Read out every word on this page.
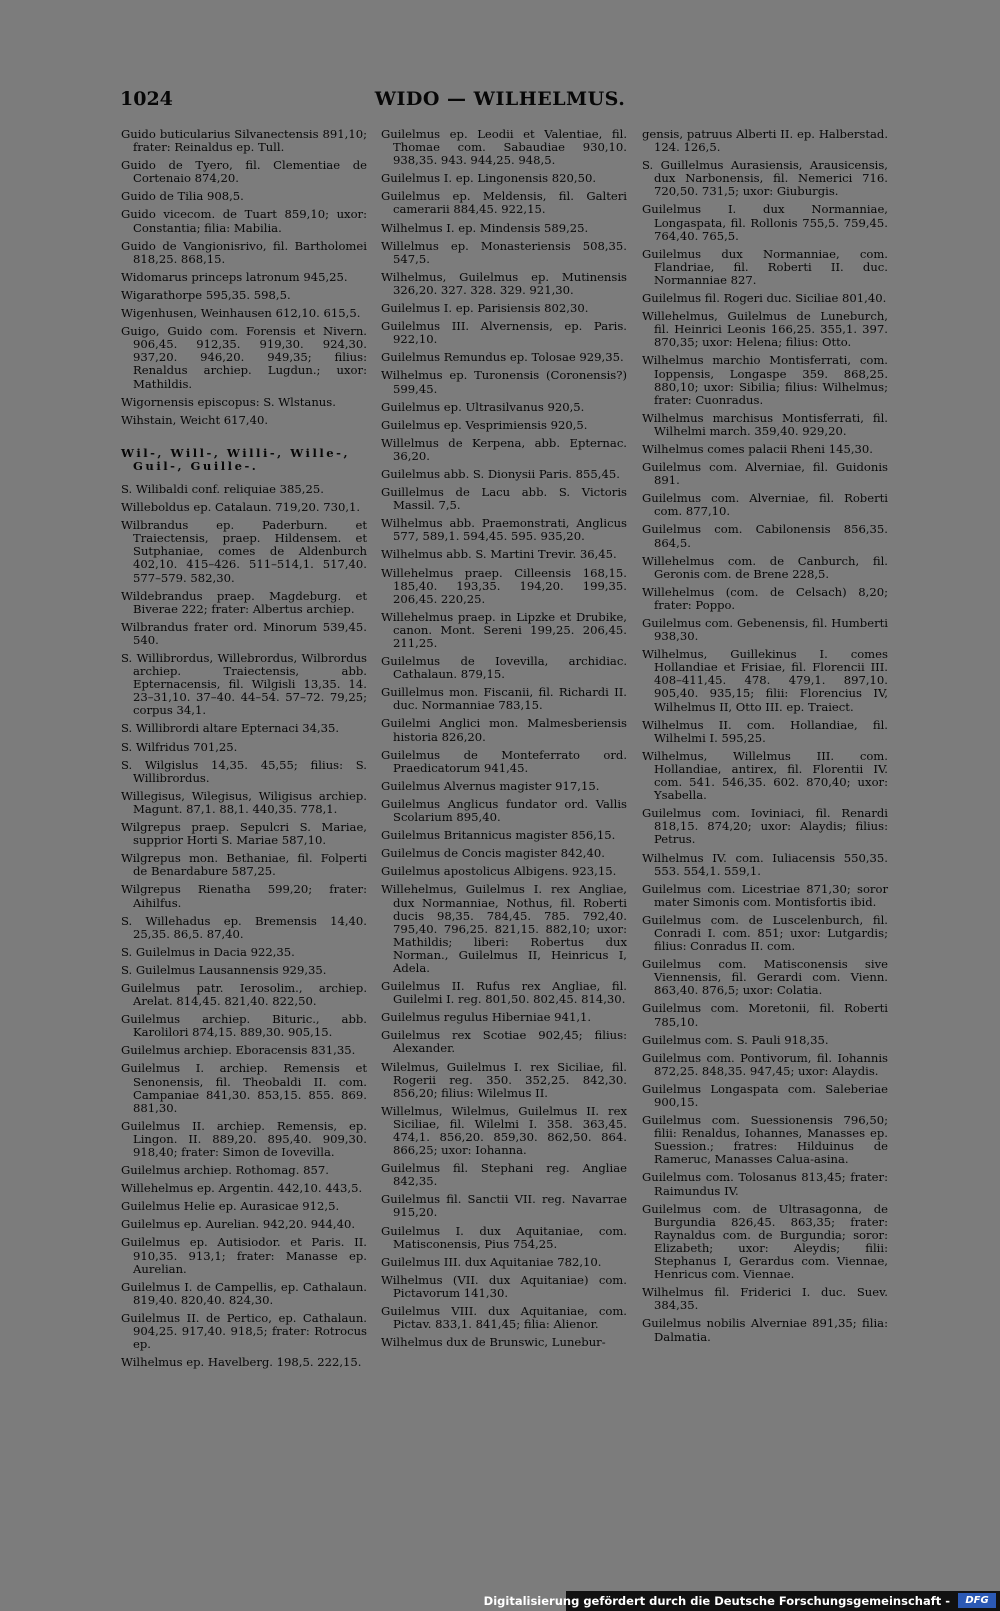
1024	WIDO — WILHELMUS.

Guido buticularius Silvanectensis 891,10; frater: Reinaldus ep. Tull.

Guido de Tyero, fil. Clementiae de Cortenaio 874,20.

Guido de Tilia 908,5.

Guido vicecom. de Tuart 859,10; uxor: Constantia; filia: Mabilia.

Guido de Vangionisrivo, fil. Bartholomei 818,25. 868,15.

Widomarus princeps latronum 945,25.

Wigarathorpe 595,35. 598,5.

Wigenhusen, Weinhausen 612,10. 615,5.

Guigo, Guido com. Forensis et Nivern. 906,45. 912,35. 919,30. 924,30. 937,20. 946,20. 949,35; filius: Renaldus archiep. Lugdun.; uxor: Mathildis.

Wigornensis episcopus: S. Wlstanus.

Wihstain, Weicht 617,40.

Wil-, Will-, Willi-, Wille-, Guil-, Guille-.

S. Wilibaldi conf. reliquiae 385,25.

Willeboldus ep. Catalaun. 719,20. 730,1.

Wilbrandus ep. Paderburn. et Traiectensis, praep. Hildensem. et Sutphaniae, comes de Aldenburch 402,10. 415–426. 511–514,1. 517,40. 577–579. 582,30.

Wildebrandus praep. Magdeburg. et Biverae 222; frater: Albertus archiep.

Wilbrandus frater ord. Minorum 539,45. 540.

S. Willibrordus, Willebrordus, Wilbrordus archiep. Traiectensis, abb. Epternacensis, fil. Wilgisli 13,35. 14. 23–31,10. 37–40. 44–54. 57–72. 79,25; corpus 34,1.

S. Willibrordi altare Epternaci 34,35.

S. Wilfridus 701,25.

S. Wilgislus 14,35. 45,55; filius: S. Willibrordus.

Willegisus, Wilegisus, Wiligisus archiep. Magunt. 87,1. 88,1. 440,35. 778,1.

Wilgrepus praep. Sepulcri S. Mariae, supprior Horti S. Mariae 587,10.

Wilgrepus mon. Bethaniae, fil. Folperti de Benardabure 587,25.

Wilgrepus Rienatha 599,20; frater: Aihilfus.

S. Willehadus ep. Bremensis 14,40. 25,35. 86,5. 87,40.

S. Guilelmus in Dacia 922,35.

S. Guilelmus Lausannensis 929,35.

Guilelmus patr. Ierosolim., archiep. Arelat. 814,45. 821,40. 822,50.

Guilelmus archiep. Bituric., abb. Karolilori 874,15. 889,30. 905,15.

Guilelmus archiep. Eboracensis 831,35.

Guilelmus I. archiep. Remensis et Senonensis, fil. Theobaldi II. com. Campaniae 841,30. 853,15. 855. 869. 881,30.

Guilelmus II. archiep. Remensis, ep. Lingon. II. 889,20. 895,40. 909,30. 918,40; frater: Simon de Iovevilla.

Guilelmus archiep. Rothomag. 857.

Willehelmus ep. Argentin. 442,10. 443,5.

Guilelmus Helie ep. Aurasicae 912,5.

Guilelmus ep. Aurelian. 942,20. 944,40.

Guilelmus ep. Autisiodor. et Paris. II. 910,35. 913,1; frater: Manasse ep. Aurelian.

Guilelmus I. de Campellis, ep. Cathalaun. 819,40. 820,40. 824,30.

Guilelmus II. de Pertico, ep. Cathalaun. 904,25. 917,40. 918,5; frater: Rotrocus ep.

Wilhelmus ep. Havelberg. 198,5. 222,15.

Guilelmus ep. Leodii et Valentiae, fil. Thomae com. Sabaudiae 930,10. 938,35. 943. 944,25. 948,5.

Guilelmus I. ep. Lingonensis 820,50.

Guilelmus ep. Meldensis, fil. Galteri camerarii 884,45. 922,15.

Wilhelmus I. ep. Mindensis 589,25.

Willelmus ep. Monasteriensis 508,35. 547,5.

Wilhelmus, Guilelmus ep. Mutinensis 326,20. 327. 328. 329. 921,30.

Guilelmus I. ep. Parisiensis 802,30.

Guilelmus III. Alvernensis, ep. Paris. 922,10.

Guilelmus Remundus ep. Tolosae 929,35.

Wilhelmus ep. Turonensis (Coronensis?) 599,45.

Guilelmus ep. Ultrasilvanus 920,5.

Guilelmus ep. Vesprimiensis 920,5.

Willelmus de Kerpena, abb. Epternac. 36,20.

Guilelmus abb. S. Dionysii Paris. 855,45.

Guillelmus de Lacu abb. S. Victoris Massil. 7,5.

Wilhelmus abb. Praemonstrati, Anglicus 577, 589,1. 594,45. 595. 935,20.

Wilhelmus abb. S. Martini Trevir. 36,45.

Willehelmus praep. Cilleensis 168,15. 185,40. 193,35. 194,20. 199,35. 206,45. 220,25.

Willehelmus praep. in Lipzke et Drubike, canon. Mont. Sereni 199,25. 206,45. 211,25.

Guilelmus de Iovevilla, archidiac. Cathalaun. 879,15.

Guillelmus mon. Fiscanii, fil. Richardi II. duc. Normanniae 783,15.

Guilelmi Anglici mon. Malmesberiensis historia 826,20.

Guilelmus de Monteferrato ord. Praedicatorum 941,45.

Guilelmus Alvernus magister 917,15.

Guilelmus Anglicus fundator ord. Vallis Scolarium 895,40.

Guilelmus Britannicus magister 856,15.

Guilelmus de Concis magister 842,40.

Guilelmus apostolicus Albigens. 923,15.

Willehelmus, Guilelmus I. rex Angliae, dux Normanniae, Nothus, fil. Roberti ducis 98,35. 784,45. 785. 792,40. 795,40. 796,25. 821,15. 882,10; uxor: Mathildis; liberi: Robertus dux Norman., Guilelmus II, Heinricus I, Adela.

Guilelmus II. Rufus rex Angliae, fil. Guilelmi I. reg. 801,50. 802,45. 814,30.

Guilelmus regulus Hiberniae 941,1.

Guilelmus rex Scotiae 902,45; filius: Alexander.

Wilelmus, Guilelmus I. rex Siciliae, fil. Rogerii reg. 350. 352,25. 842,30. 856,20; filius: Wilelmus II.

Willelmus, Wilelmus, Guilelmus II. rex Siciliae, fil. Wilelmi I. 358. 363,45. 474,1. 856,20. 859,30. 862,50. 864. 866,25; uxor: Iohanna.

Guilelmus fil. Stephani reg. Angliae 842,35.

Guilelmus fil. Sanctii VII. reg. Navarrae 915,20.

Guilelmus I. dux Aquitaniae, com. Matisconensis, Pius 754,25.

Guilelmus III. dux Aquitaniae 782,10.

Wilhelmus (VII. dux Aquitaniae) com. Pictavorum 141,30.

Guilelmus VIII. dux Aquitaniae, com. Pictav. 833,1. 841,45; filia: Alienor.

Wilhelmus dux de Brunswic, Lunebur-

gensis, patruus Alberti II. ep. Halberstad. 124. 126,5.

S. Guillelmus Aurasiensis, Arausicensis, dux Narbonensis, fil. Nemerici 716. 720,50. 731,5; uxor: Giuburgis.

Guilelmus I. dux Normanniae, Longaspata, fil. Rollonis 755,5. 759,45. 764,40. 765,5.

Guilelmus dux Normanniae, com. Flandriae, fil. Roberti II. duc. Normanniae 827.

Guilelmus fil. Rogeri duc. Siciliae 801,40.

Willehelmus, Guilelmus de Luneburch, fil. Heinrici Leonis 166,25. 355,1. 397. 870,35; uxor: Helena; filius: Otto.

Wilhelmus marchio Montisferrati, com. Ioppensis, Longaspe 359. 868,25. 880,10; uxor: Sibilia; filius: Wilhelmus; frater: Cuonradus.

Wilhelmus marchisus Montisferrati, fil. Wilhelmi march. 359,40. 929,20.

Wilhelmus comes palacii Rheni 145,30.

Guilelmus com. Alverniae, fil. Guidonis 891.

Guilelmus com. Alverniae, fil. Roberti com. 877,10.

Guilelmus com. Cabilonensis 856,35. 864,5.

Willehelmus com. de Canburch, fil. Geronis com. de Brene 228,5.

Willehelmus (com. de Celsach) 8,20; frater: Poppo.

Guilelmus com. Gebenensis, fil. Humberti 938,30.

Wilhelmus, Guillekinus I. comes Hollandiae et Frisiae, fil. Florencii III. 408–411,45. 478. 479,1. 897,10. 905,40. 935,15; filii: Florencius IV, Wilhelmus II, Otto III. ep. Traiect.

Wilhelmus II. com. Hollandiae, fil. Wilhelmi I. 595,25.

Wilhelmus, Willelmus III. com. Hollandiae, antirex, fil. Florentii IV. com. 541. 546,35. 602. 870,40; uxor: Ysabella.

Guilelmus com. Ioviniaci, fil. Renardi 818,15. 874,20; uxor: Alaydis; filius: Petrus.

Wilhelmus IV. com. Iuliacensis 550,35. 553. 554,1. 559,1.

Guilelmus com. Licestriae 871,30; soror mater Simonis com. Montisfortis ibid.

Guilelmus com. de Luscelenburch, fil. Conradi I. com. 851; uxor: Lutgardis; filius: Conradus II. com.

Guilelmus com. Matisconensis sive Viennensis, fil. Gerardi com. Vienn. 863,40. 876,5; uxor: Colatia.

Guilelmus com. Moretonii, fil. Roberti 785,10.

Guilelmus com. S. Pauli 918,35.

Guilelmus com. Pontivorum, fil. Iohannis 872,25. 848,35. 947,45; uxor: Alaydis.

Guilelmus Longaspata com. Saleberiae 900,15.

Guilelmus com. Suessionensis 796,50; filii: Renaldus, Iohannes, Manasses ep. Suession.; fratres: Hilduinus de Rameruc, Manasses Calua-asina.

Guilelmus com. Tolosanus 813,45; frater: Raimundus IV.

Guilelmus com. de Ultrasagonna, de Burgundia 826,45. 863,35; frater: Raynaldus com. de Burgundia; soror: Elizabeth; uxor: Aleydis; filii: Stephanus I, Gerardus com. Viennae, Henricus com. Viennae.

Wilhelmus fil. Friderici I. duc. Suev. 384,35.

Guilelmus nobilis Alverniae 891,35; filia: Dalmatia.

Digitalisierung gefördert durch die Deutsche Forschungsgemeinschaft -	DFG
